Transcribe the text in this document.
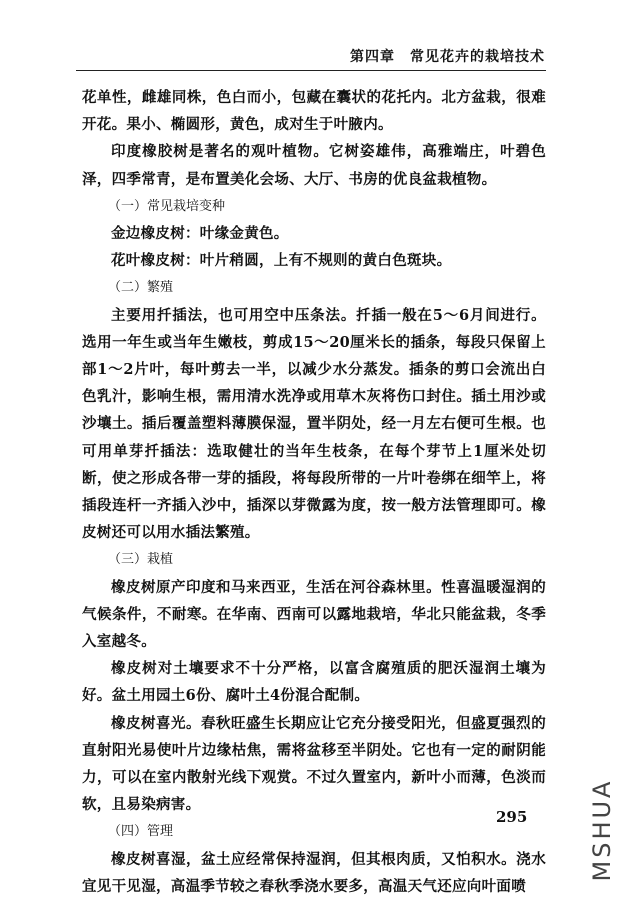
第四章　常见花卉的栽培技术

花单性，雌雄同株，色白而小，包藏在囊状的花托内。北方盆栽，很难开花。果小、椭圆形，黄色，成对生于叶腋内。

印度橡胶树是著名的观叶植物。它树姿雄伟，高雅端庄，叶碧色泽，四季常青，是布置美化会场、大厅、书房的优良盆栽植物。

（一）常见栽培变种

金边橡皮树：叶缘金黄色。

花叶橡皮树：叶片稍圆，上有不规则的黄白色斑块。

（二）繁殖

主要用扦插法，也可用空中压条法。扦插一般在5～6月间进行。选用一年生或当年生嫩枝，剪成15～20厘米长的插条，每段只保留上部1～2片叶，每叶剪去一半，以减少水分蒸发。插条的剪口会流出白色乳汁，影响生根，需用清水洗净或用草木灰将伤口封住。插土用沙或沙壤土。插后覆盖塑料薄膜保湿，置半阴处，经一月左右便可生根。也可用单芽扦插法：选取健壮的当年生枝条，在每个芽节上1厘米处切断，使之形成各带一芽的插段，将每段所带的一片叶卷绑在细竿上，将插段连杆一齐插入沙中，插深以芽微露为度，按一般方法管理即可。橡皮树还可以用水插法繁殖。

（三）栽植

橡皮树原产印度和马来西亚，生活在河谷森林里。性喜温暖湿润的气候条件，不耐寒。在华南、西南可以露地栽培，华北只能盆栽，冬季入室越冬。

橡皮树对土壤要求不十分严格，以富含腐殖质的肥沃湿润土壤为好。盆土用园土6份、腐叶土4份混合配制。

橡皮树喜光。春秋旺盛生长期应让它充分接受阳光，但盛夏强烈的直射阳光易使叶片边缘枯焦，需将盆移至半阴处。它也有一定的耐阴能力，可以在室内散射光线下观赏。不过久置室内，新叶小而薄，色淡而软，且易染病害。

（四）管理

橡皮树喜湿，盆土应经常保持湿润，但其根肉质，又怕积水。浇水宜见干见湿，高温季节较之春秋季浇水要多，高温天气还应向叶面喷

295	MSHUA
